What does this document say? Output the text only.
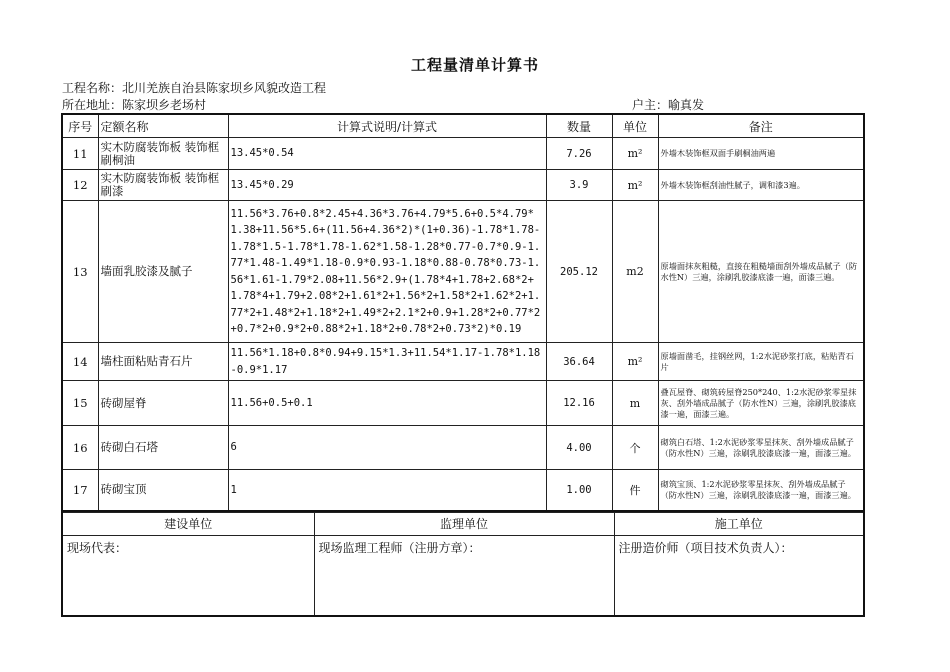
工程量清单计算书
工程名称：北川羌族自治县陈家坝乡风貌改造工程
所在地址：陈家坝乡老场村	户主：喻真发
序号	定额名称	计算式说明/计算式	数量	单位	备注
11	实木防腐装饰板 装饰框刷桐油	13.45*0.54	7.26	m²	外墙木装饰框双面手刷桐油两遍
12	实木防腐装饰板 装饰框刷漆	13.45*0.29	3.9	m²	外墙木装饰框刮油性腻子，调和漆3遍。
13	墙面乳胶漆及腻子	11.56*3.76+0.8*2.45+4.36*3.76+4.79*5.6+0.5*4.79*1.38+11.56*5.6+(11.56+4.36*2)*(1+0.36)-1.78*1.78-1.78*1.5-1.78*1.78-1.62*1.58-1.28*0.77-0.7*0.9-1.77*1.48-1.49*1.18-0.9*0.93-1.18*0.88-0.78*0.73-1.56*1.61-1.79*2.08+11.56*2.9+(1.78*4+1.78+2.68*2+1.78*4+1.79+2.08*2+1.61*2+1.56*2+1.58*2+1.62*2+1.77*2+1.48*2+1.18*2+1.49*2+2.1*2+0.9+1.28*2+0.77*2+0.7*2+0.9*2+0.88*2+1.18*2+0.78*2+0.73*2)*0.19	205.12	m2	原墙面抹灰粗糙，直接在粗糙墙面刮外墙成品腻子（防水性N）三遍，涂刷乳胶漆底漆一遍，面漆三遍。
14	墙柱面粘贴青石片	11.56*1.18+0.8*0.94+9.15*1.3+11.54*1.17-1.78*1.18-0.9*1.17	36.64	m²	原墙面凿毛，挂钢丝网，1:2水泥砂浆打底，粘贴青石片
15	砖砌屋脊	11.56+0.5+0.1	12.16	m	叠瓦屋脊、砌筑砖屋脊250*240、1:2水泥砂浆零星抹灰、刮外墙成品腻子（防水性N）三遍，涂刷乳胶漆底漆一遍，面漆三遍。
16	砖砌白石塔	6	4.00	个	砌筑白石塔、1:2水泥砂浆零星抹灰、刮外墙成品腻子（防水性N）三遍，涂刷乳胶漆底漆一遍，面漆三遍。
17	砖砌宝顶	1	1.00	件	砌筑宝顶、1:2水泥砂浆零星抹灰、刮外墙成品腻子（防水性N）三遍，涂刷乳胶漆底漆一遍，面漆三遍。
建设单位	监理单位	施工单位
现场代表：	现场监理工程师（注册方章）：	注册造价师（项目技术负责人）：
